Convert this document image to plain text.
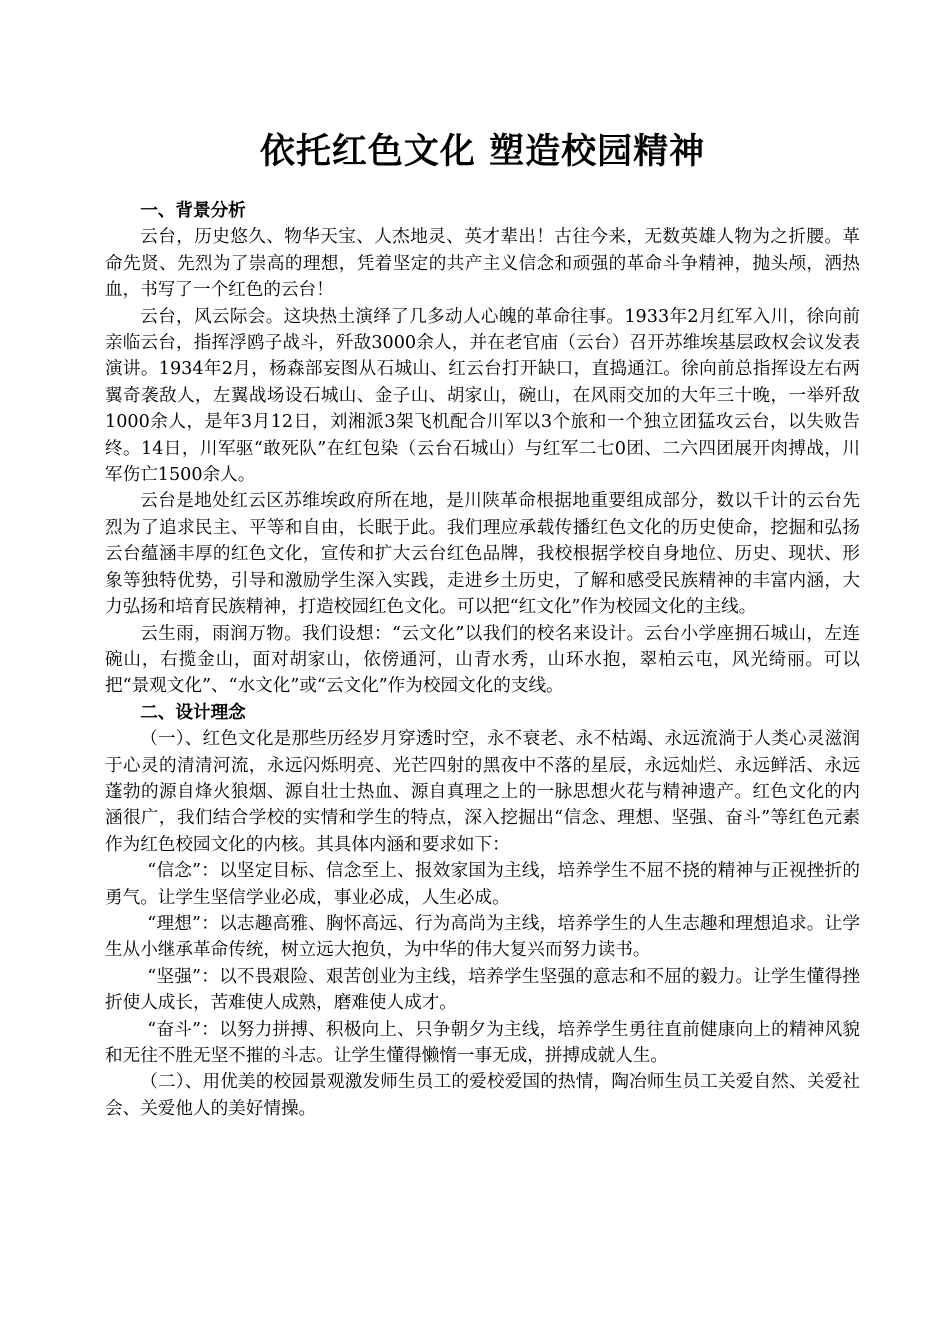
依托红色文化 塑造校园精神
一、背景分析

云台，历史悠久、物华天宝、人杰地灵、英才辈出！古往今来，无数英雄人物为之折腰。革命先贤、先烈为了崇高的理想，凭着坚定的共产主义信念和顽强的革命斗争精神，抛头颅，洒热血，书写了一个红色的云台！

云台，风云际会。这块热土演绎了几多动人心魄的革命往事。1933年2月红军入川，徐向前亲临云台，指挥浮鸥子战斗，歼敌3000余人，并在老官庙（云台）召开苏维埃基层政权会议发表演讲。1934年2月，杨森部妄图从石城山、红云台打开缺口，直捣通江。徐向前总指挥设左右两翼奇袭敌人，左翼战场设石城山、金子山、胡家山，碗山，在风雨交加的大年三十晚，一举歼敌1000余人，是年3月12日，刘湘派3架飞机配合川军以3个旅和一个独立团猛攻云台，以失败告终。14日，川军驱“敢死队”在红包染（云台石城山）与红军二七0团、二六四团展开肉搏战，川军伤亡1500余人。

云台是地处红云区苏维埃政府所在地，是川陕革命根据地重要组成部分，数以千计的云台先烈为了追求民主、平等和自由，长眠于此。我们理应承载传播红色文化的历史使命，挖掘和弘扬云台蕴涵丰厚的红色文化，宣传和扩大云台红色品牌，我校根据学校自身地位、历史、现状、形象等独特优势，引导和激励学生深入实践，走进乡土历史，了解和感受民族精神的丰富内涵，大力弘扬和培育民族精神，打造校园红色文化。可以把“红文化”作为校园文化的主线。

云生雨，雨润万物。我们设想：“云文化”以我们的校名来设计。云台小学座拥石城山，左连碗山，右揽金山，面对胡家山，依傍通河，山青水秀，山环水抱，翠柏云屯，风光绮丽。可以把“景观文化”、“水文化”或“云文化”作为校园文化的支线。

二、设计理念

（一）、红色文化是那些历经岁月穿透时空，永不衰老、永不枯竭、永远流淌于人类心灵滋润于心灵的清清河流，永远闪烁明亮、光芒四射的黑夜中不落的星辰，永远灿烂、永远鲜活、永远蓬勃的源自烽火狼烟、源自壮士热血、源自真理之上的一脉思想火花与精神遗产。红色文化的内涵很广，我们结合学校的实情和学生的特点，深入挖掘出“信念、理想、坚强、奋斗”等红色元素作为红色校园文化的内核。其具体内涵和要求如下：

“信念”：以坚定目标、信念至上、报效家国为主线，培养学生不屈不挠的精神与正视挫折的勇气。让学生坚信学业必成，事业必成，人生必成。

“理想”：以志趣高雅、胸怀高远、行为高尚为主线，培养学生的人生志趣和理想追求。让学生从小继承革命传统，树立远大抱负，为中华的伟大复兴而努力读书。

“坚强”：以不畏艰险、艰苦创业为主线，培养学生坚强的意志和不屈的毅力。让学生懂得挫折使人成长，苦难使人成熟，磨难使人成才。

“奋斗”：以努力拼搏、积极向上、只争朝夕为主线，培养学生勇往直前健康向上的精神风貌和无往不胜无坚不摧的斗志。让学生懂得懒惰一事无成，拼搏成就人生。

（二）、用优美的校园景观激发师生员工的爱校爱国的热情，陶冶师生员工关爱自然、关爱社会、关爱他人的美好情操。
